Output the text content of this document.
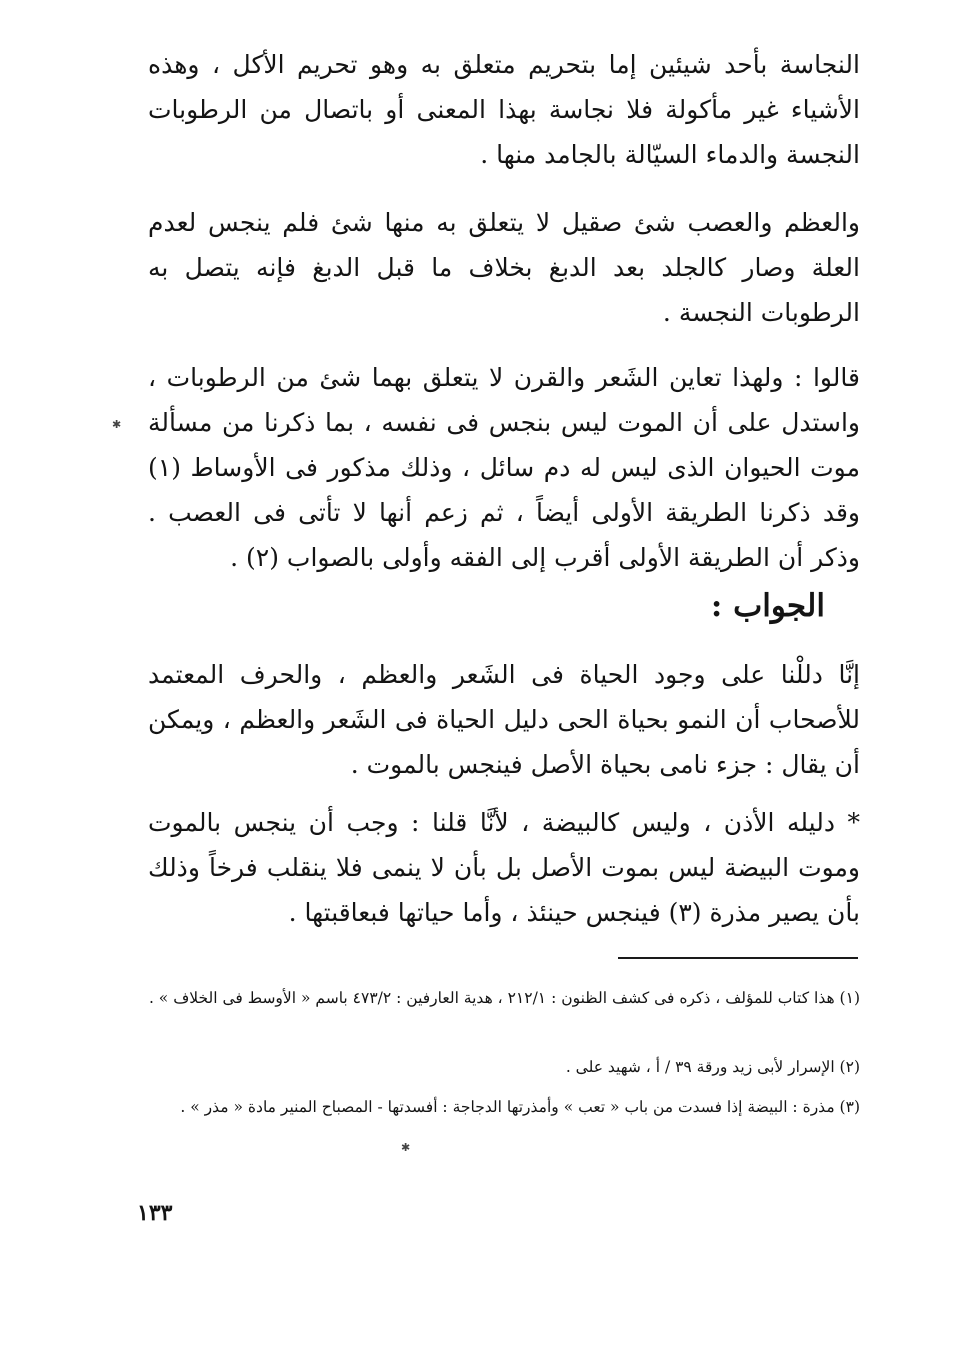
النجاسة بأحد شيئين إما بتحريم متعلق به وهو تحريم الأكل ، وهذه الأشياء غير مأكولة فلا نجاسة بهذا المعنى أو باتصال من الرطوبات النجسة والدماء السيّالة بالجامد منها .

والعظم والعصب شئ صقيل لا يتعلق به منها شئ فلم ينجس لعدم العلة وصار كالجلد بعد الدبغ بخلاف ما قبل الدبغ فإنه يتصل به الرطوبات النجسة .

قالوا : ولهذا تعاين الشَعر والقرن لا يتعلق بهما شئ من الرطوبات ، واستدل على أن الموت ليس بنجس فى نفسه ، بما ذكرنا من مسألة موت الحيوان الذى ليس له دم سائل ، وذلك مذكور فى الأوساط (١) وقد ذكرنا الطريقة الأولى أيضاً ، ثم زعم أنها لا تأتى فى العصب . وذكر أن الطريقة الأولى أقرب إلى الفقه وأولى بالصواب (٢) .

الجواب :

إنَّا دللْنا على وجود الحياة فى الشَعر والعظم ، والحرف المعتمد للأصحاب أن النمو بحياة الحى دليل الحياة فى الشَعر والعظم ، ويمكن أن يقال : جزء نامى بحياة الأصل فينجس بالموت .

* دليله الأذن ، وليس كالبيضة ، لأنَّا قلنا : وجب أن ينجس بالموت وموت البيضة ليس بموت الأصل بل بأن لا ينمى فلا ينقلب فرخاً وذلك بأن يصير مذرة (٣) فينجس حينئذ ، وأما حياتها فبعاقبتها .

(١) هذا كتاب للمؤلف ، ذكره فى كشف الظنون : ٢١٢/١ ، هدية العارفين : ٤٧٣/٢ باسم « الأوسط فى الخلاف » .

(٢) الإسرار لأبى زيد ورقة ٣٩ / أ ، شهيد على .

(٣) مذرة : البيضة إذا فسدت من باب « تعب » وأمذرتها الدجاجة : أفسدتها - المصباح المنير مادة « مذر » .

١٣٣

✱
✱
